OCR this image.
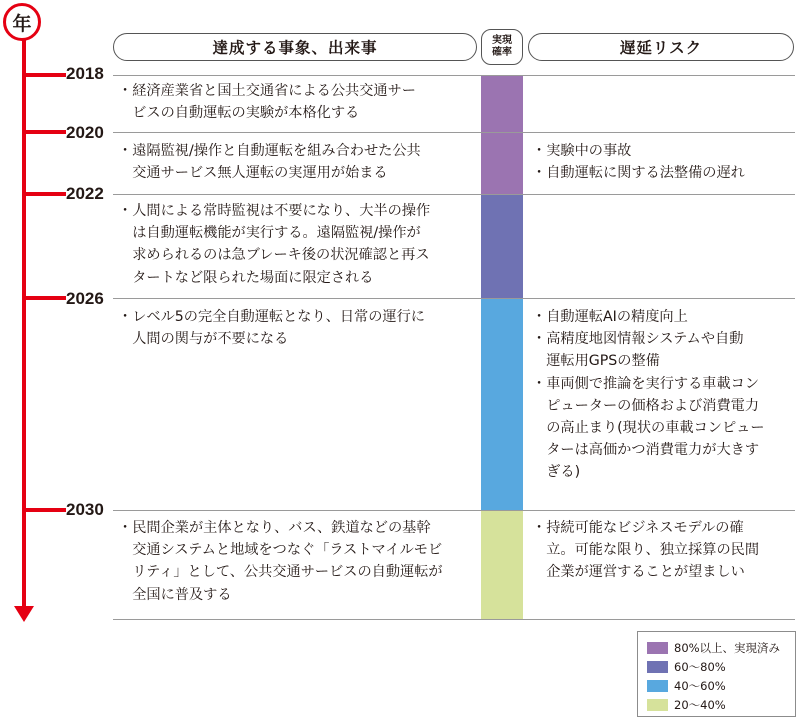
年
2018
2020
2022
2026
2030
達成する事象、出来事	実現
確率	遅延リスク
・経済産業省と国土交通省による公共交通サー
　ビスの自動運転の実験が本格化する
・遠隔監視/操作と自動運転を組み合わせた公共
　交通サービス無人運転の実運用が始まる
・人間による常時監視は不要になり、大半の操作
　は自動運転機能が実行する。遠隔監視/操作が
　求められるのは急ブレーキ後の状況確認と再ス
　タートなど限られた場面に限定される
・レベル5の完全自動運転となり、日常の運行に
　人間の関与が不要になる
・民間企業が主体となり、バス、鉄道などの基幹
　交通システムと地域をつなぐ「ラストマイルモビ
　リティ」として、公共交通サービスの自動運転が
　全国に普及する
・実験中の事故
・自動運転に関する法整備の遅れ
・自動運転AIの精度向上
・高精度地図情報システムや自動
　運転用GPSの整備
・車両側で推論を実行する車載コン
　ピューターの価格および消費電力
　の高止まり(現状の車載コンピュー
　ターは高価かつ消費電力が大きす
　ぎる)
・持続可能なビジネスモデルの確
　立。可能な限り、独立採算の民間
　企業が運営することが望ましい
80%以上、実現済み
60〜80%
40〜60%
20〜40%
